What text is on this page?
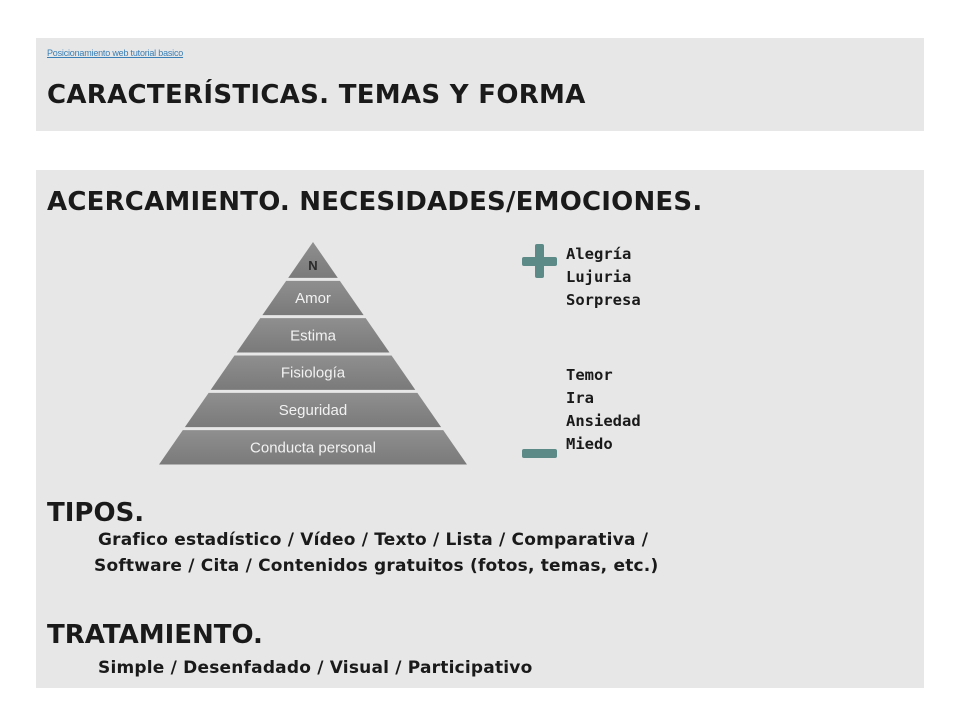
Posicionamiento web tutorial basico
CARACTERÍSTICAS. TEMAS Y FORMA
ACERCAMIENTO. NECESIDADES/EMOCIONES.
N
Amor
Estima
Fisiología
Seguridad
Conducta personal
Alegría
Lujuria
Sorpresa
Temor
Ira
Ansiedad
Miedo
TIPOS.

Grafico estadístico / Vídeo / Texto / Lista / Comparativa /

Software / Cita / Contenidos gratuitos (fotos, temas, etc.)

TRATAMIENTO.

Simple / Desenfadado / Visual / Participativo
